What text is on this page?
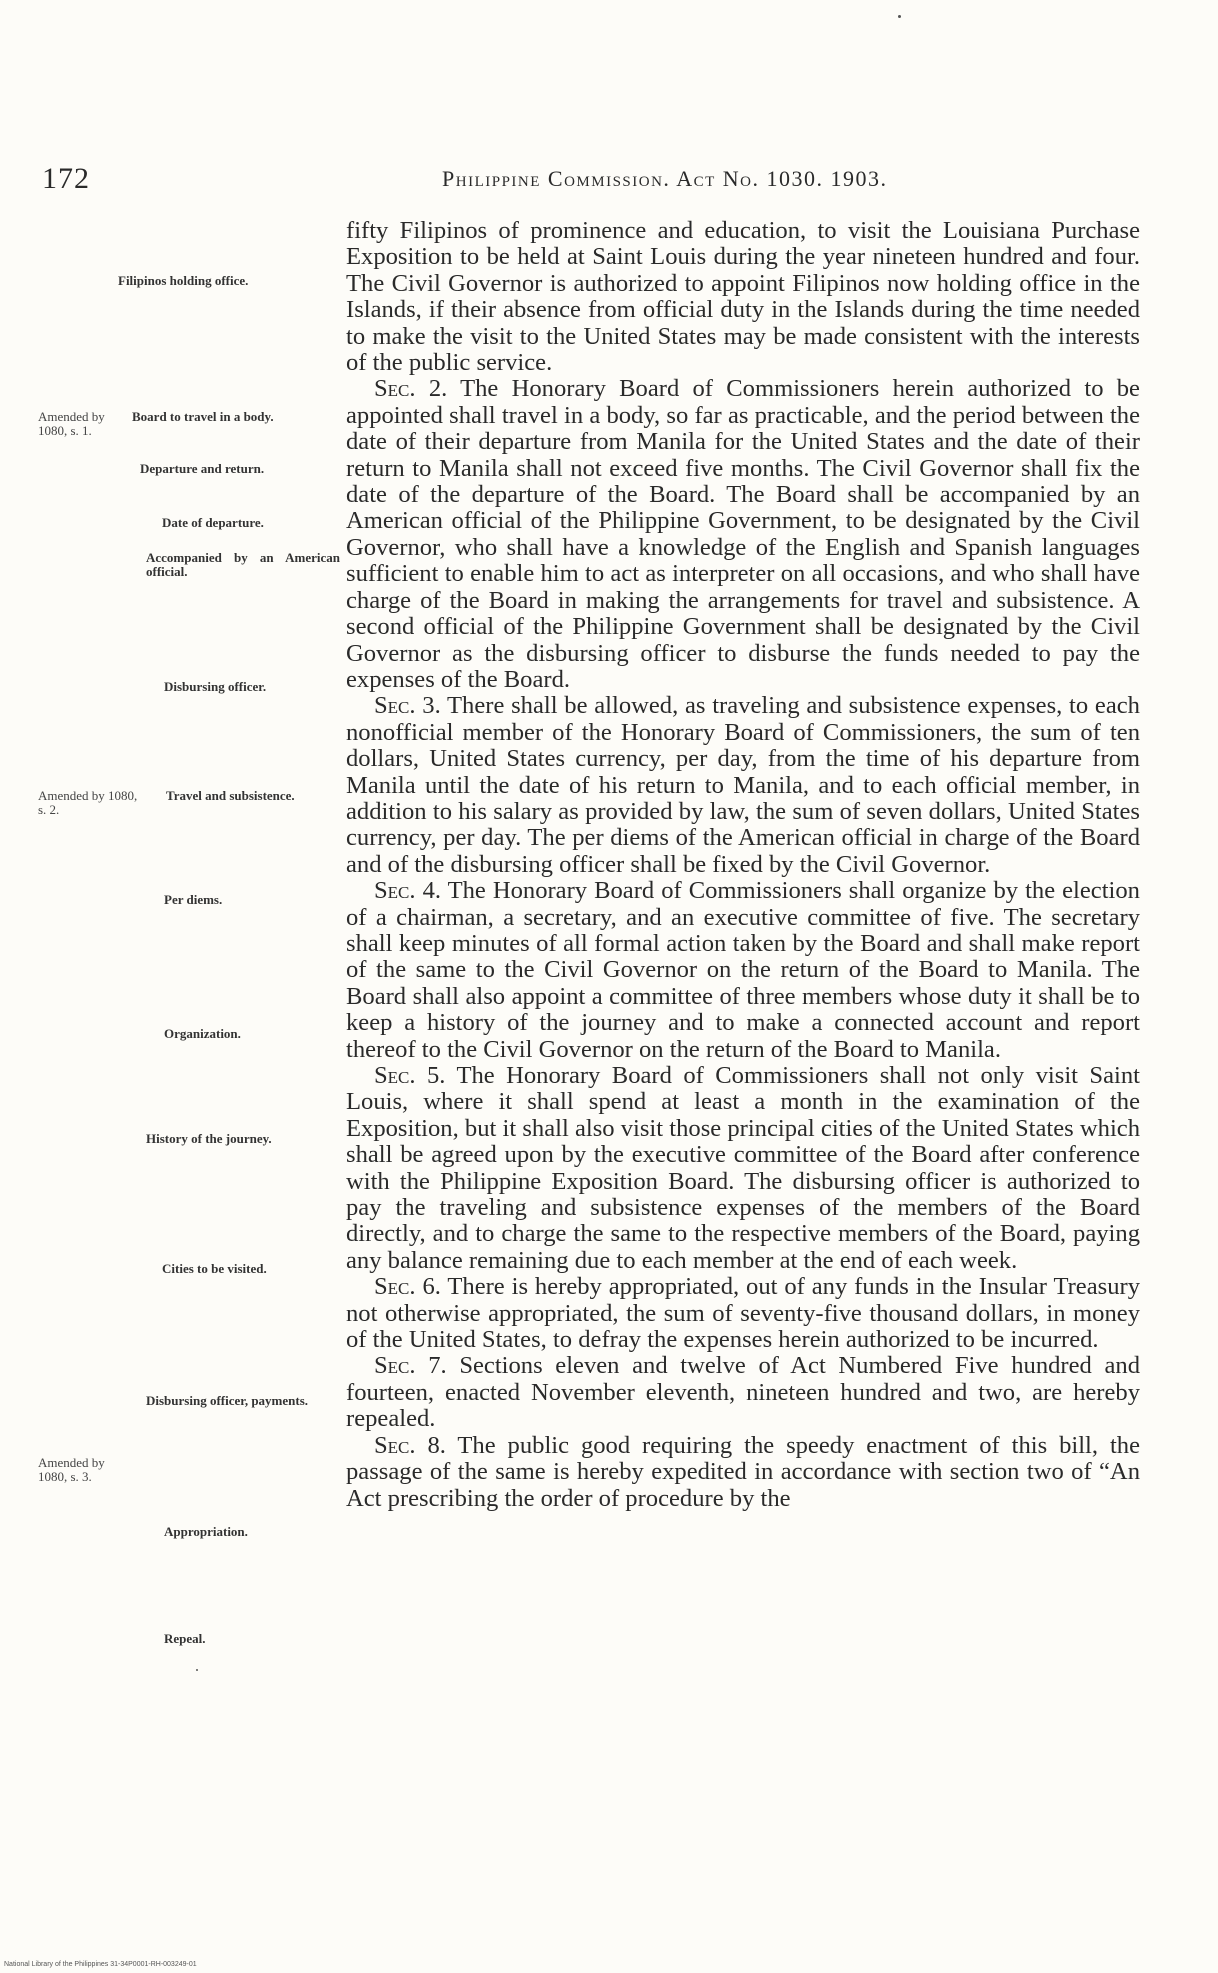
172	Philippine Commission. Act No. 1030. 1903.
Filipinos holding office.
Board to travel in a body.
Departure and return.
Date of departure.
Accompanied by an American official.
Disbursing officer.
Travel and subsistence.
Per diems.
Organization.
History of the journey.
Cities to be visited.
Disbursing officer, payments.
Appropriation.
Repeal.
Amended by 1080, s. 1.
Amended by 1080, s. 2.
Amended by 1080, s. 3.

fifty Filipinos of prominence and education, to visit the Louisiana Purchase Exposition to be held at Saint Louis during the year nineteen hundred and four. The Civil Governor is authorized to appoint Filipinos now holding office in the Islands, if their absence from official duty in the Islands during the time needed to make the visit to the United States may be made consistent with the interests of the public service.

Sec. 2. The Honorary Board of Commissioners herein authorized to be appointed shall travel in a body, so far as practicable, and the period between the date of their departure from Manila for the United States and the date of their return to Manila shall not exceed five months. The Civil Governor shall fix the date of the departure of the Board. The Board shall be accompanied by an American official of the Philippine Government, to be designated by the Civil Governor, who shall have a knowledge of the English and Spanish languages sufficient to enable him to act as interpreter on all occasions, and who shall have charge of the Board in making the arrangements for travel and subsistence. A second official of the Philippine Government shall be designated by the Civil Governor as the disbursing officer to disburse the funds needed to pay the expenses of the Board.

Sec. 3. There shall be allowed, as traveling and subsistence expenses, to each nonofficial member of the Honorary Board of Commissioners, the sum of ten dollars, United States currency, per day, from the time of his departure from Manila until the date of his return to Manila, and to each official member, in addition to his salary as provided by law, the sum of seven dollars, United States currency, per day. The per diems of the American official in charge of the Board and of the disbursing officer shall be fixed by the Civil Governor.

Sec. 4. The Honorary Board of Commissioners shall organize by the election of a chairman, a secretary, and an executive committee of five. The secretary shall keep minutes of all formal action taken by the Board and shall make report of the same to the Civil Governor on the return of the Board to Manila. The Board shall also appoint a committee of three members whose duty it shall be to keep a history of the journey and to make a connected account and report thereof to the Civil Governor on the return of the Board to Manila.

Sec. 5. The Honorary Board of Commissioners shall not only visit Saint Louis, where it shall spend at least a month in the examination of the Exposition, but it shall also visit those principal cities of the United States which shall be agreed upon by the executive committee of the Board after conference with the Philippine Exposition Board. The disbursing officer is authorized to pay the traveling and subsistence expenses of the members of the Board directly, and to charge the same to the respective members of the Board, paying any balance remaining due to each member at the end of each week.

Sec. 6. There is hereby appropriated, out of any funds in the Insular Treasury not otherwise appropriated, the sum of seventy-five thousand dollars, in money of the United States, to defray the expenses herein authorized to be incurred.

Sec. 7. Sections eleven and twelve of Act Numbered Five hundred and fourteen, enacted November eleventh, nineteen hundred and two, are hereby repealed.

Sec. 8. The public good requiring the speedy enactment of this bill, the passage of the same is hereby expedited in accordance with section two of “An Act prescribing the order of procedure by the

National Library of the Philippines 31-34P0001-RH-003249-01
